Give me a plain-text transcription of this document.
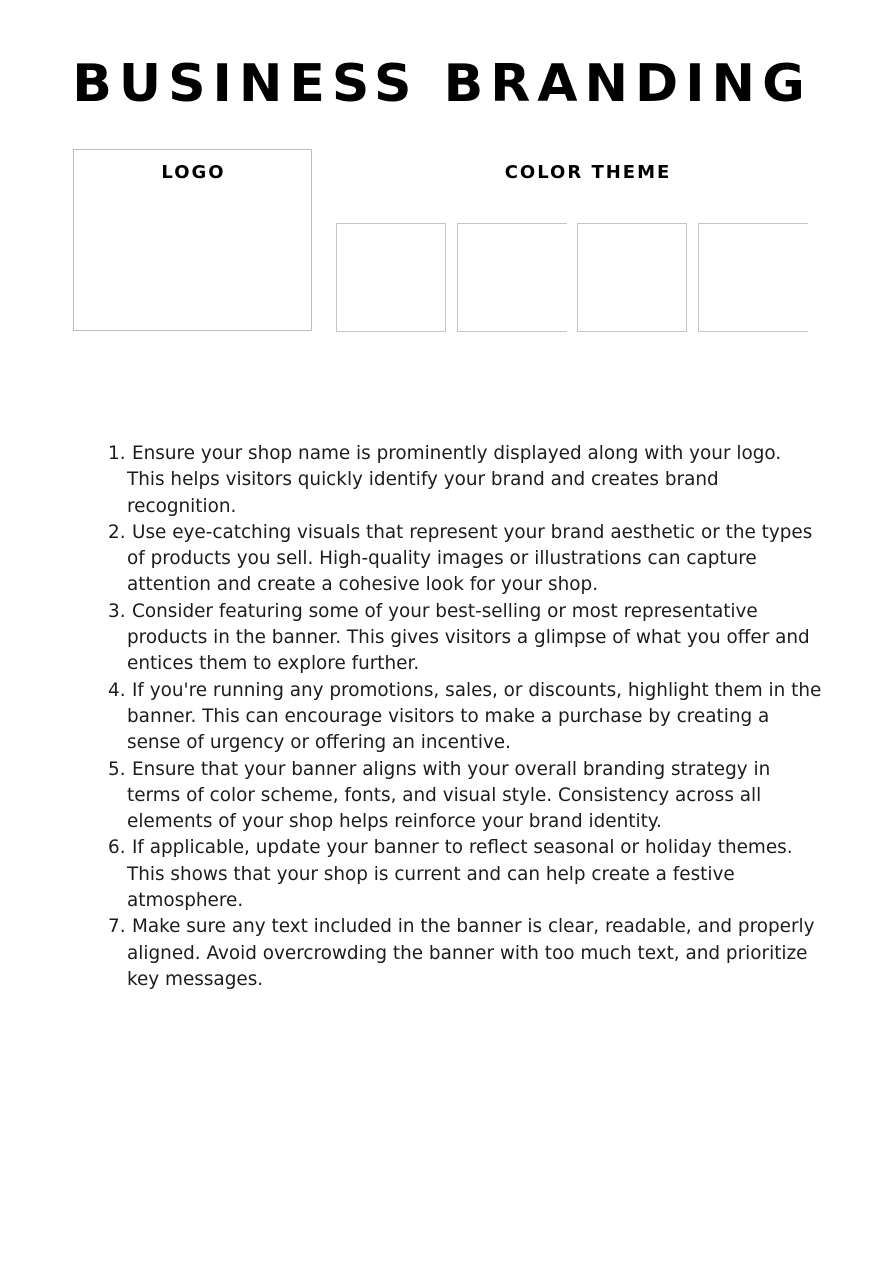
BUSINESS BRANDING
LOGO	COLOR THEME
1. Ensure your shop name is prominently displayed along with your logo. This helps visitors quickly identify your brand and creates brand recognition.
2. Use eye-catching visuals that represent your brand aesthetic or the types of products you sell. High-quality images or illustrations can capture attention and create a cohesive look for your shop.
3. Consider featuring some of your best-selling or most representative products in the banner. This gives visitors a glimpse of what you offer and entices them to explore further.
4. If you're running any promotions, sales, or discounts, highlight them in the banner. This can encourage visitors to make a purchase by creating a sense of urgency or offering an incentive.
5. Ensure that your banner aligns with your overall branding strategy in terms of color scheme, fonts, and visual style. Consistency across all elements of your shop helps reinforce your brand identity.
6. If applicable, update your banner to reflect seasonal or holiday themes. This shows that your shop is current and can help create a festive atmosphere.
7. Make sure any text included in the banner is clear, readable, and properly aligned. Avoid overcrowding the banner with too much text, and prioritize key messages.
